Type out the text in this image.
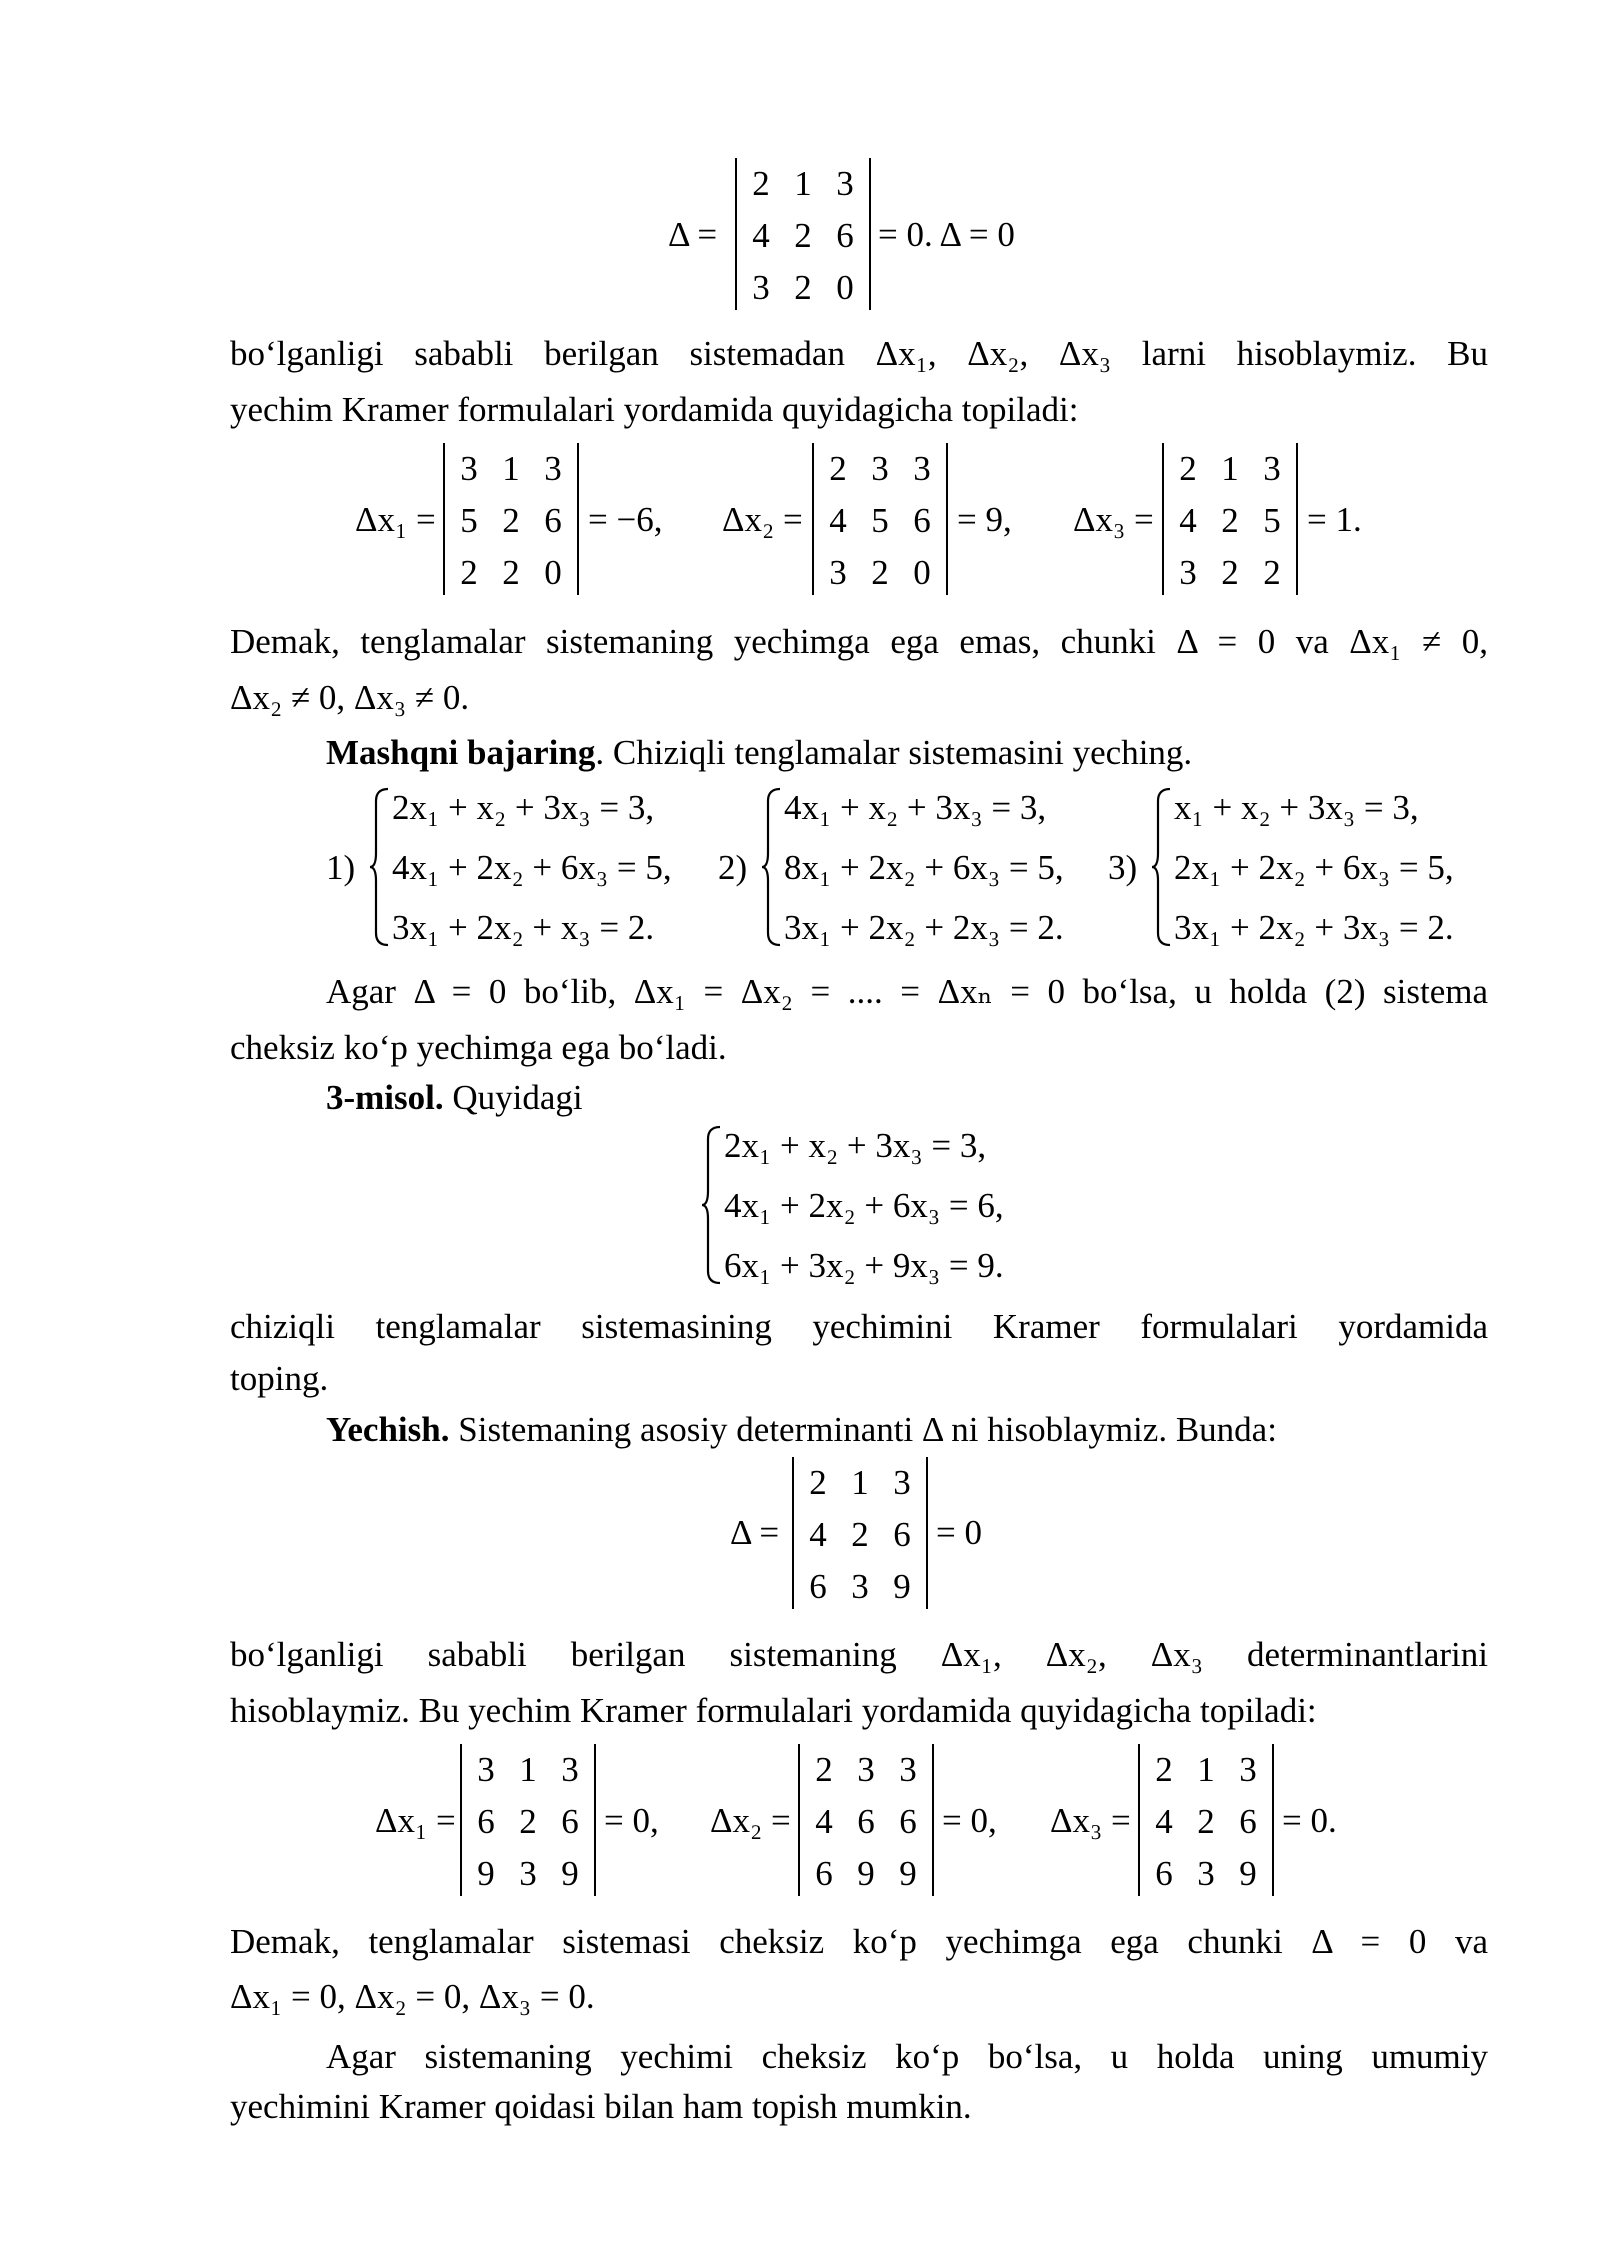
Δ =
2 1 3
4 2 6
3 2 0
= 0. Δ = 0
bo‘lganligi sababli berilgan sistemadan Δx₁, Δx₂, Δx₃ larni hisoblaymiz. Bu
yechim Kramer formulalari yordamida quyidagicha topiladi:
Δx₁ =
3 1 3
5 2 6
2 2 0
= −6, Δx₂ =
2 3 3
4 5 6
3 2 0
= 9, Δx₃ =
2 1 3
4 2 5
3 2 2
= 1.
Demak, tenglamalar sistemaning yechimga ega emas, chunki Δ = 0 va Δx₁ ≠ 0,
Δx₂ ≠ 0, Δx₃ ≠ 0.
Mashqni bajaring. Chiziqli tenglamalar sistemasini yeching.
1)
2x₁ + x₂ + 3x₃ = 3,
4x₁ + 2x₂ + 6x₃ = 5,
3x₁ + 2x₂ + x₃ = 2.
2)
4x₁ + x₂ + 3x₃ = 3,
8x₁ + 2x₂ + 6x₃ = 5,
3x₁ + 2x₂ + 2x₃ = 2.
3)
x₁ + x₂ + 3x₃ = 3,
2x₁ + 2x₂ + 6x₃ = 5,
3x₁ + 2x₂ + 3x₃ = 2.
Agar Δ = 0 bo‘lib, Δx₁ = Δx₂ = .... = Δxₙ = 0 bo‘lsa, u holda (2) sistema
cheksiz ko‘p yechimga ega bo‘ladi.
3-misol. Quyidagi
2x₁ + x₂ + 3x₃ = 3,
4x₁ + 2x₂ + 6x₃ = 6,
6x₁ + 3x₂ + 9x₃ = 9.
chiziqli tenglamalar sistemasining yechimini Kramer formulalari yordamida
toping.
Yechish. Sistemaning asosiy determinanti Δ ni hisoblaymiz. Bunda:
Δ =
2 1 3
4 2 6
6 3 9
= 0
bo‘lganligi sababli berilgan sistemaning Δx₁, Δx₂, Δx₃ determinantlarini
hisoblaymiz. Bu yechim Kramer formulalari yordamida quyidagicha topiladi:
Δx₁ =
3 1 3
6 2 6
9 3 9
= 0, Δx₂ =
2 3 3
4 6 6
6 9 9
= 0, Δx₃ =
2 1 3
4 2 6
6 3 9
= 0.
Demak, tenglamalar sistemasi cheksiz ko‘p yechimga ega chunki Δ = 0 va
Δx₁ = 0, Δx₂ = 0, Δx₃ = 0.
Agar sistemaning yechimi cheksiz ko‘p bo‘lsa, u holda uning umumiy
yechimini Kramer qoidasi bilan ham topish mumkin.
